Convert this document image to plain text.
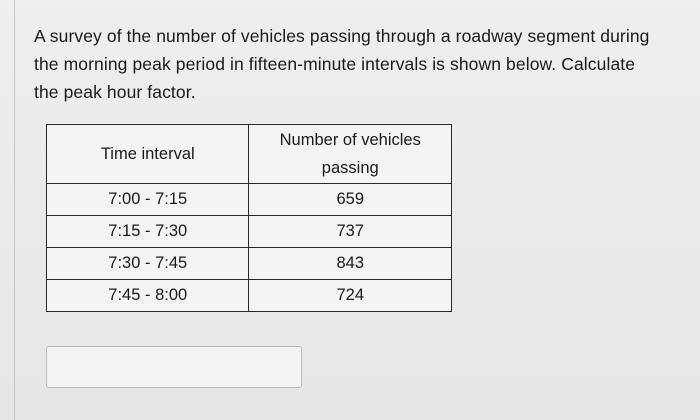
A survey of the number of vehicles passing through a roadway segment during

the morning peak period in fifteen-minute intervals is shown below. Calculate

the peak hour factor.

Time interval	Number of vehicles
passing

7:00 - 7:15	659
7:15 - 7:30	737
7:30 - 7:45	843
7:45 - 8:00	724
